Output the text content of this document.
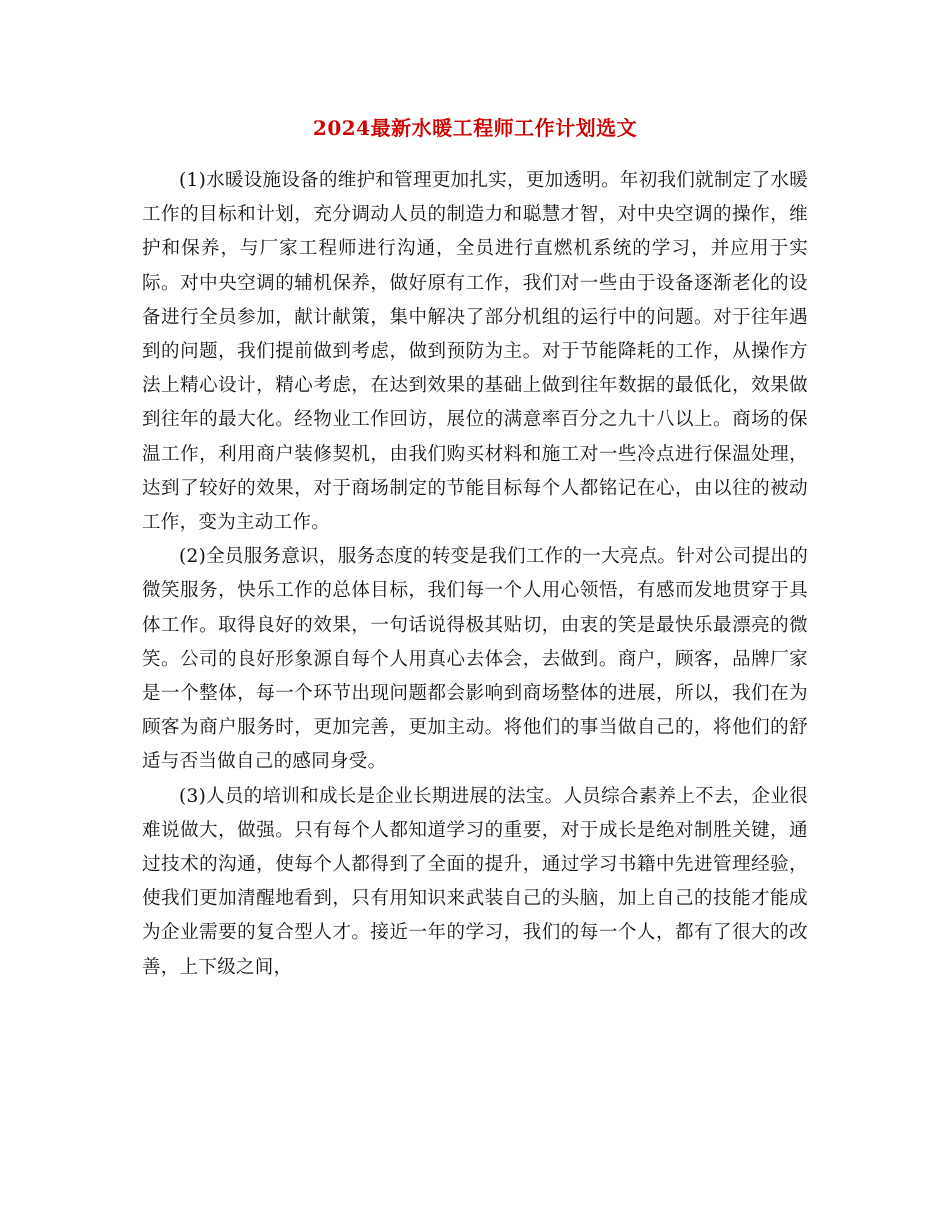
2024最新水暖工程师工作计划选文

(1)水暖设施设备的维护和管理更加扎实，更加透明。年初我们就制定了水暖工作的目标和计划，充分调动人员的制造力和聪慧才智，对中央空调的操作，维护和保养，与厂家工程师进行沟通，全员进行直燃机系统的学习，并应用于实际。对中央空调的辅机保养，做好原有工作，我们对一些由于设备逐渐老化的设备进行全员参加，献计献策，集中解决了部分机组的运行中的问题。对于往年遇到的问题，我们提前做到考虑，做到预防为主。对于节能降耗的工作，从操作方法上精心设计，精心考虑，在达到效果的基础上做到往年数据的最低化，效果做到往年的最大化。经物业工作回访，展位的满意率百分之九十八以上。商场的保温工作，利用商户装修契机，由我们购买材料和施工对一些冷点进行保温处理，达到了较好的效果，对于商场制定的节能目标每个人都铭记在心，由以往的被动工作，变为主动工作。

(2)全员服务意识，服务态度的转变是我们工作的一大亮点。针对公司提出的微笑服务，快乐工作的总体目标，我们每一个人用心领悟，有感而发地贯穿于具体工作。取得良好的效果，一句话说得极其贴切，由衷的笑是最快乐最漂亮的微笑。公司的良好形象源自每个人用真心去体会，去做到。商户，顾客，品牌厂家是一个整体，每一个环节出现问题都会影响到商场整体的进展，所以，我们在为顾客为商户服务时，更加完善，更加主动。将他们的事当做自己的，将他们的舒适与否当做自己的感同身受。

(3)人员的培训和成长是企业长期进展的法宝。人员综合素养上不去，企业很难说做大，做强。只有每个人都知道学习的重要，对于成长是绝对制胜关键，通过技术的沟通，使每个人都得到了全面的提升，通过学习书籍中先进管理经验，使我们更加清醒地看到，只有用知识来武装自己的头脑，加上自己的技能才能成为企业需要的复合型人才。接近一年的学习，我们的每一个人，都有了很大的改善，上下级之间，
